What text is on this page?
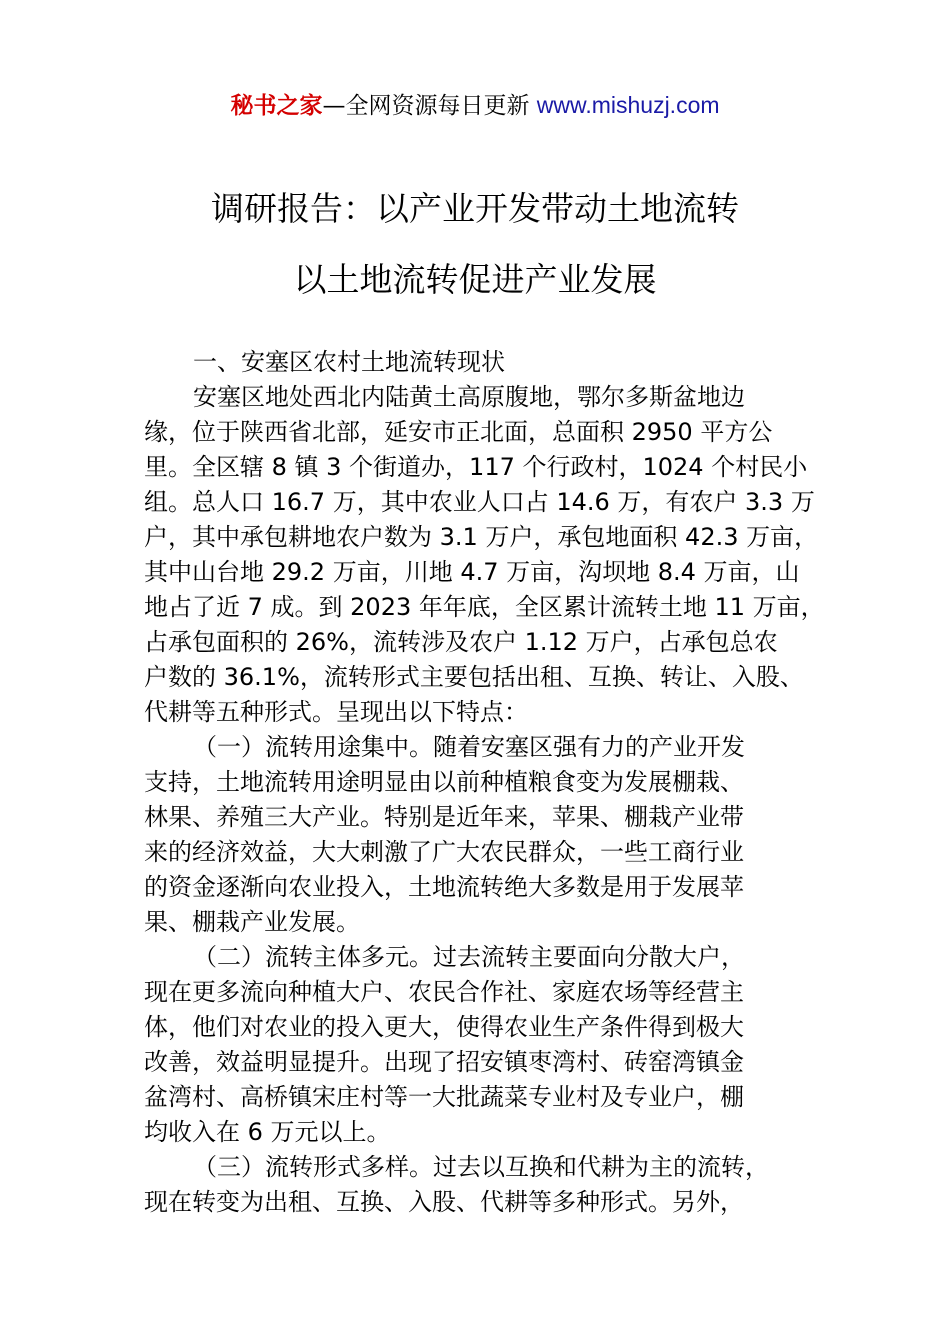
秘书之家—全网资源每日更新 www.mishuzj.com
调研报告：以产业开发带动土地流转
以土地流转促进产业发展
一、安塞区农村土地流转现状
安塞区地处西北内陆黄土高原腹地，鄂尔多斯盆地边
缘，位于陕西省北部，延安市正北面，总面积 2950 平方公
里。全区辖 8 镇 3 个街道办，117 个行政村，1024 个村民小
组。总人口 16.7 万，其中农业人口占 14.6 万，有农户 3.3 万
户，其中承包耕地农户数为 3.1 万户，承包地面积 42.3 万亩，
其中山台地 29.2 万亩，川地 4.7 万亩，沟坝地 8.4 万亩，山
地占了近 7 成。到 2023 年年底，全区累计流转土地 11 万亩，
占承包面积的 26%，流转涉及农户 1.12 万户，占承包总农
户数的 36.1%，流转形式主要包括出租、互换、转让、入股、
代耕等五种形式。呈现出以下特点：
（一）流转用途集中。随着安塞区强有力的产业开发
支持，土地流转用途明显由以前种植粮食变为发展棚栽、
林果、养殖三大产业。特别是近年来，苹果、棚栽产业带
来的经济效益，大大刺激了广大农民群众，一些工商行业
的资金逐渐向农业投入，土地流转绝大多数是用于发展苹
果、棚栽产业发展。
（二）流转主体多元。过去流转主要面向分散大户，
现在更多流向种植大户、农民合作社、家庭农场等经营主
体，他们对农业的投入更大，使得农业生产条件得到极大
改善，效益明显提升。出现了招安镇枣湾村、砖窑湾镇金
盆湾村、高桥镇宋庄村等一大批蔬菜专业村及专业户，棚
均收入在 6 万元以上。
（三）流转形式多样。过去以互换和代耕为主的流转，
现在转变为出租、互换、入股、代耕等多种形式。另外，
